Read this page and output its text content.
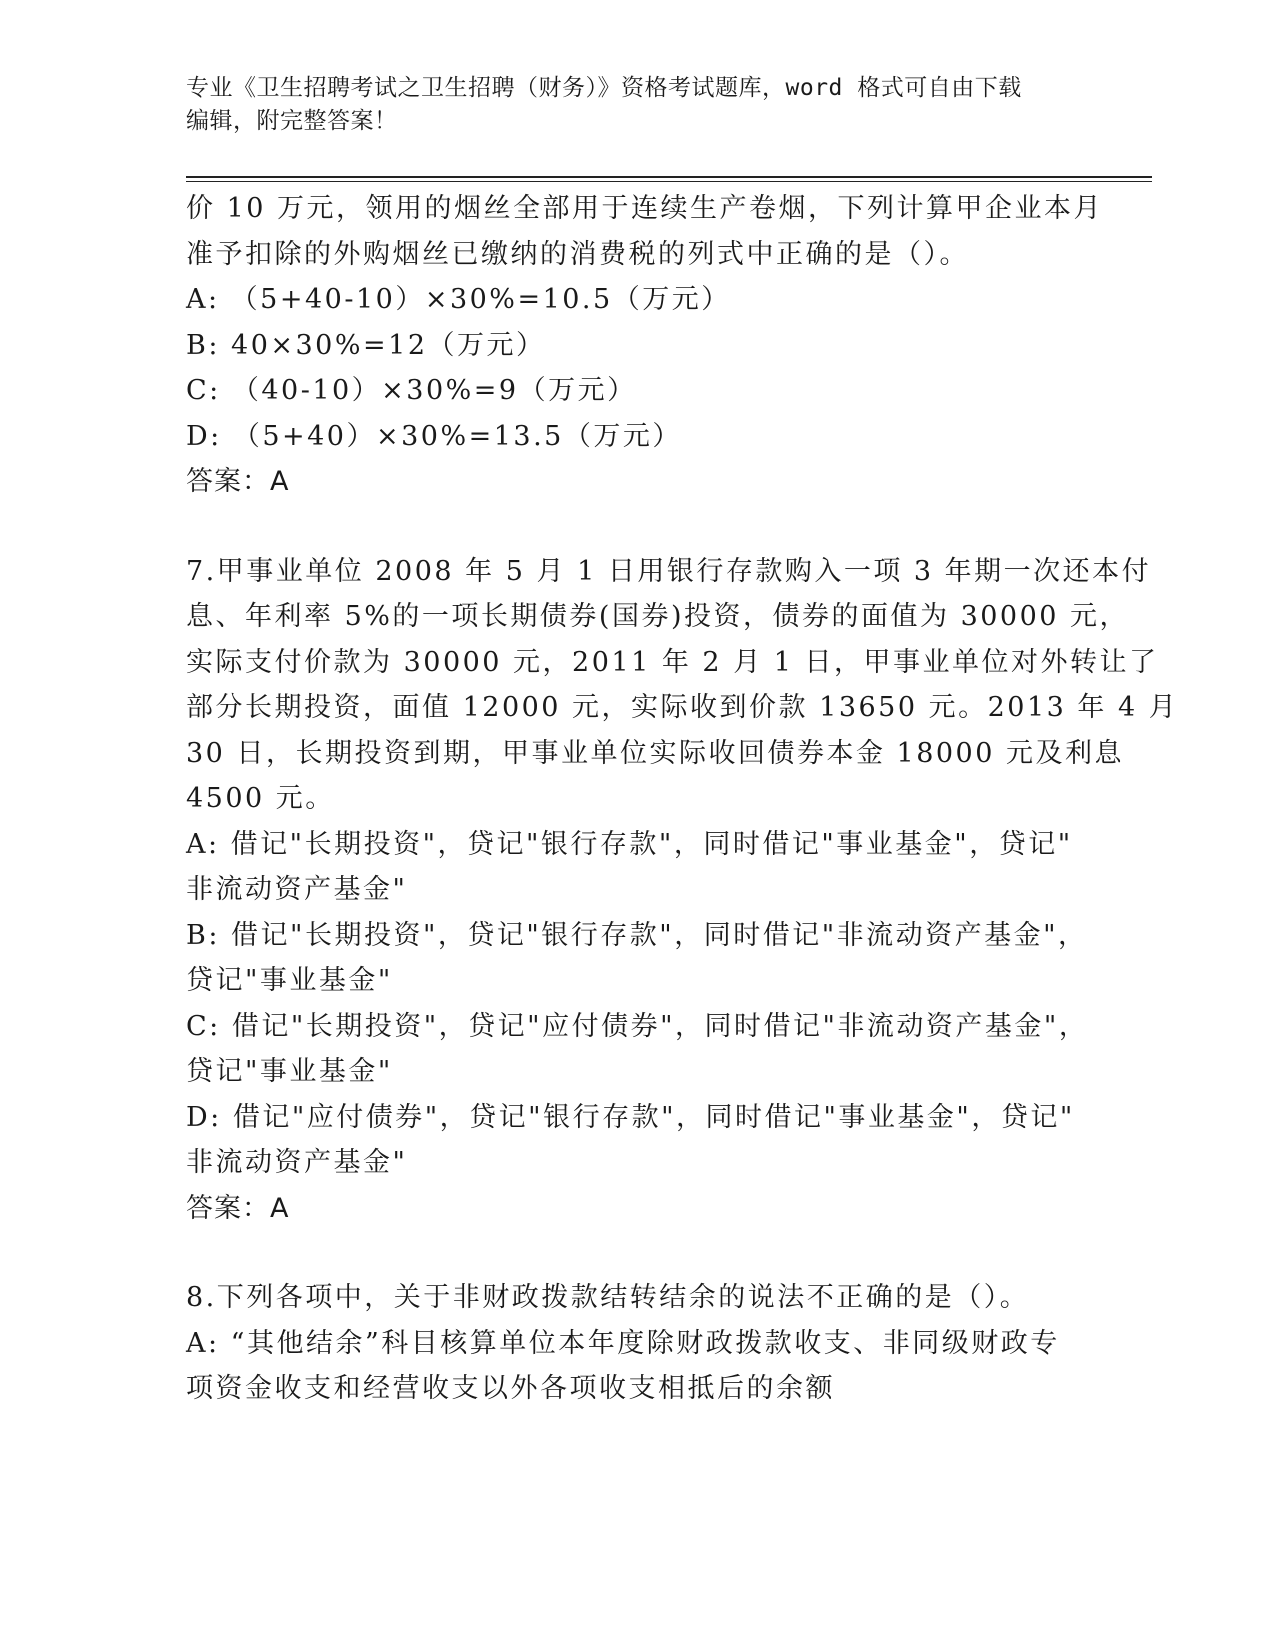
专业《卫生招聘考试之卫生招聘（财务）》资格考试题库，word 格式可自由下载
编辑，附完整答案！
价 10 万元，领用的烟丝全部用于连续生产卷烟，下列计算甲企业本月
准予扣除的外购烟丝已缴纳的消费税的列式中正确的是（）。
A: （5+40-10）×30%=10.5（万元）
B: 40×30%=12（万元）
C: （40-10）×30%=9（万元）
D: （5+40）×30%=13.5（万元）
答案：A
7.甲事业单位 2008 年 5 月 1 日用银行存款购入一项 3 年期一次还本付
息、年利率 5%的一项长期债券(国券)投资，债券的面值为 30000 元，
实际支付价款为 30000 元，2011 年 2 月 1 日，甲事业单位对外转让了
部分长期投资，面值 12000 元，实际收到价款 13650 元。2013 年 4 月
30 日，长期投资到期，甲事业单位实际收回债券本金 18000 元及利息
4500 元。
A: 借记"长期投资"，贷记"银行存款"，同时借记"事业基金"，贷记"
非流动资产基金"
B: 借记"长期投资"，贷记"银行存款"，同时借记"非流动资产基金"，
贷记"事业基金"
C: 借记"长期投资"，贷记"应付债券"，同时借记"非流动资产基金"，
贷记"事业基金"
D: 借记"应付债券"，贷记"银行存款"，同时借记"事业基金"，贷记"
非流动资产基金"
答案：A
8.下列各项中，关于非财政拨款结转结余的说法不正确的是（）。
A: “其他结余”科目核算单位本年度除财政拨款收支、非同级财政专
项资金收支和经营收支以外各项收支相抵后的余额
